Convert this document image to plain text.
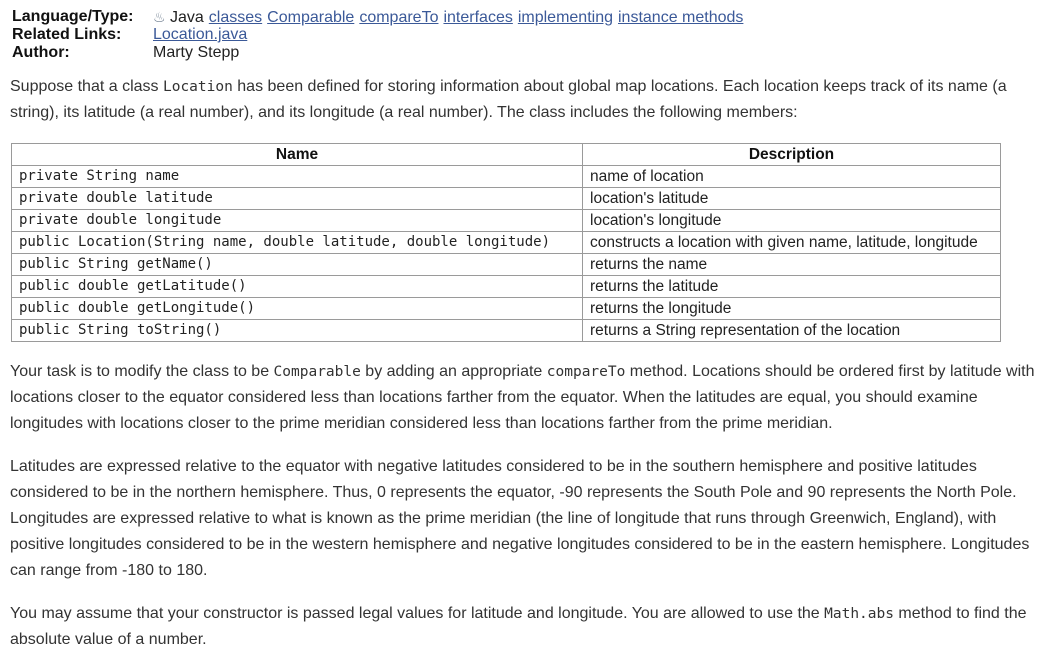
Language/Type:	♨ Java classes Comparable compareTo interfaces implementing instance methods
Related Links:	Location.java
Author:	Marty Stepp

Suppose that a class Location has been defined for storing information about global map locations. Each location keeps track of its name (a string), its latitude (a real number), and its longitude (a real number). The class includes the following members:

Name	Description
private String name	name of location
private double latitude	location's latitude
private double longitude	location's longitude
public Location(String name, double latitude, double longitude)	constructs a location with given name, latitude, longitude
public String getName()	returns the name
public double getLatitude()	returns the latitude
public double getLongitude()	returns the longitude
public String toString()	returns a String representation of the location

Your task is to modify the class to be Comparable by adding an appropriate compareTo method. Locations should be ordered first by latitude with locations closer to the equator considered less than locations farther from the equator. When the latitudes are equal, you should examine longitudes with locations closer to the prime meridian considered less than locations farther from the prime meridian.

Latitudes are expressed relative to the equator with negative latitudes considered to be in the southern hemisphere and positive latitudes considered to be in the northern hemisphere. Thus, 0 represents the equator, -90 represents the South Pole and 90 represents the North Pole. Longitudes are expressed relative to what is known as the prime meridian (the line of longitude that runs through Greenwich, England), with positive longitudes considered to be in the western hemisphere and negative longitudes considered to be in the eastern hemisphere. Longitudes can range from -180 to 180.

You may assume that your constructor is passed legal values for latitude and longitude. You are allowed to use the Math.abs method to find the absolute value of a number.
